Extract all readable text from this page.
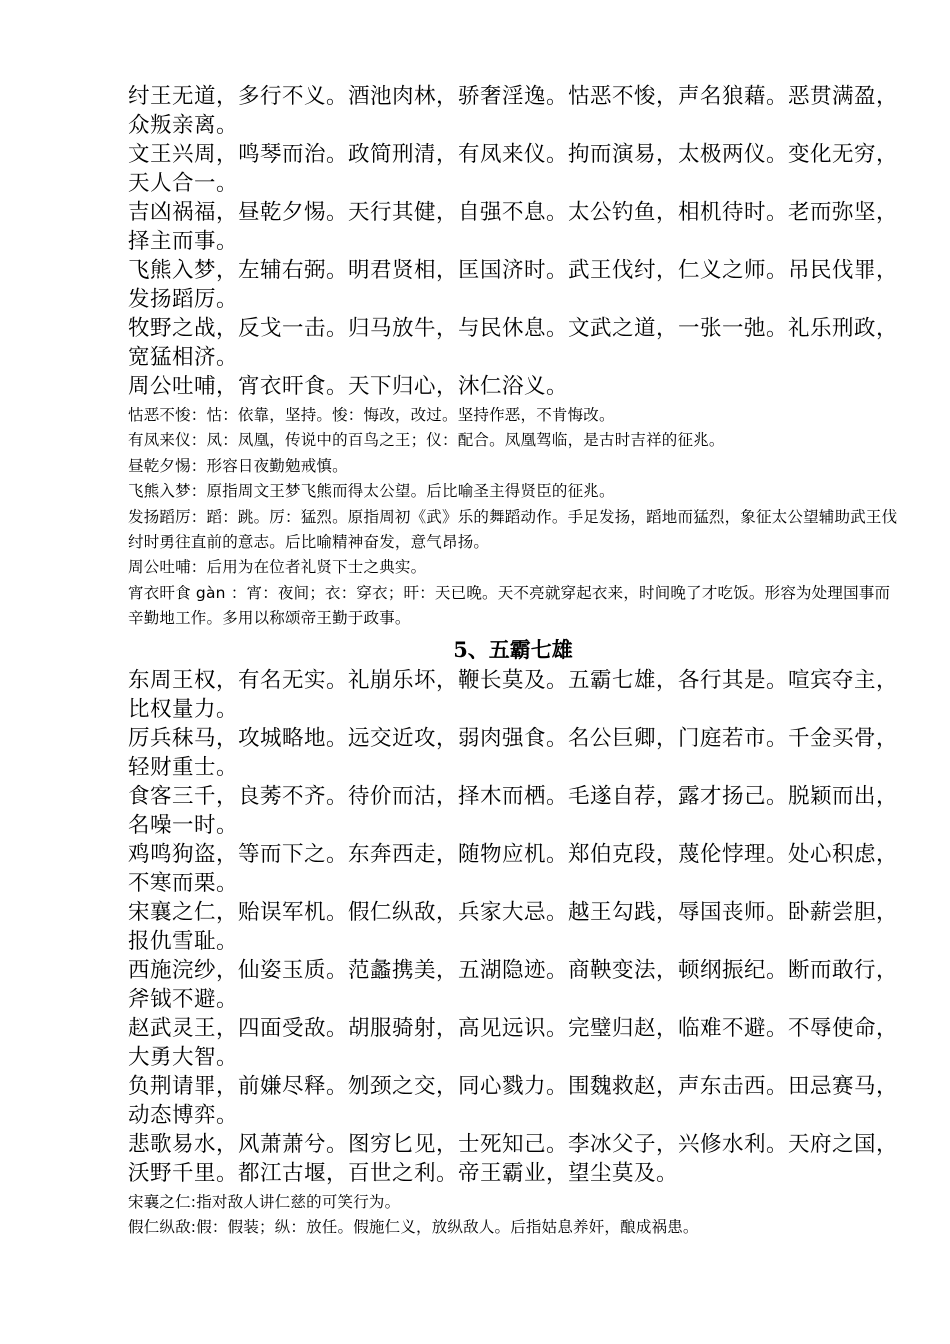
纣王无道，多行不义。酒池肉林，骄奢淫逸。怙恶不悛，声名狼藉。恶贯满盈，众叛亲离。

文王兴周，鸣琴而治。政简刑清，有凤来仪。拘而演易，太极两仪。变化无穷，天人合一。

吉凶祸福，昼乾夕惕。天行其健，自强不息。太公钓鱼，相机待时。老而弥坚，择主而事。

飞熊入梦，左辅右弼。明君贤相，匡国济时。武王伐纣，仁义之师。吊民伐罪，发扬蹈厉。

牧野之战，反戈一击。归马放牛，与民休息。文武之道，一张一弛。礼乐刑政，宽猛相济。

周公吐哺，宵衣旰食。天下归心，沐仁浴义。

怙恶不悛：怙：依靠，坚持。悛：悔改，改过。坚持作恶，不肯悔改。

有凤来仪：凤：凤凰，传说中的百鸟之王；仪：配合。凤凰驾临，是古时吉祥的征兆。

昼乾夕惕：形容日夜勤勉戒慎。

飞熊入梦：原指周文王梦飞熊而得太公望。后比喻圣主得贤臣的征兆。

发扬蹈厉：蹈：跳。厉：猛烈。原指周初《武》乐的舞蹈动作。手足发扬，蹈地而猛烈，象征太公望辅助武王伐纣时勇往直前的意志。后比喻精神奋发，意气昂扬。

周公吐哺：后用为在位者礼贤下士之典实。

宵衣旰食 gàn ：宵：夜间；衣：穿衣；旰：天已晚。天不亮就穿起衣来，时间晚了才吃饭。形容为处理国事而辛勤地工作。多用以称颂帝王勤于政事。

5、五霸七雄

东周王权，有名无实。礼崩乐坏，鞭长莫及。五霸七雄，各行其是。喧宾夺主，比权量力。

厉兵秣马，攻城略地。远交近攻，弱肉强食。名公巨卿，门庭若市。千金买骨，轻财重士。

食客三千，良莠不齐。待价而沽，择木而栖。毛遂自荐，露才扬己。脱颖而出，名噪一时。

鸡鸣狗盗，等而下之。东奔西走，随物应机。郑伯克段，蔑伦悖理。处心积虑，不寒而栗。

宋襄之仁，贻误军机。假仁纵敌，兵家大忌。越王勾践，辱国丧师。卧薪尝胆，报仇雪耻。

西施浣纱，仙姿玉质。范蠡携美，五湖隐迹。商鞅变法，顿纲振纪。断而敢行，斧钺不避。

赵武灵王，四面受敌。胡服骑射，高见远识。完璧归赵，临难不避。不辱使命，大勇大智。

负荆请罪，前嫌尽释。刎颈之交，同心戮力。围魏救赵，声东击西。田忌赛马，动态博弈。

悲歌易水，风萧萧兮。图穷匕见，士死知己。李冰父子，兴修水利。天府之国，沃野千里。都江古堰，百世之利。帝王霸业，望尘莫及。

宋襄之仁:指对敌人讲仁慈的可笑行为。

假仁纵敌:假：假装；纵：放任。假施仁义，放纵敌人。后指姑息养奸，酿成祸患。
